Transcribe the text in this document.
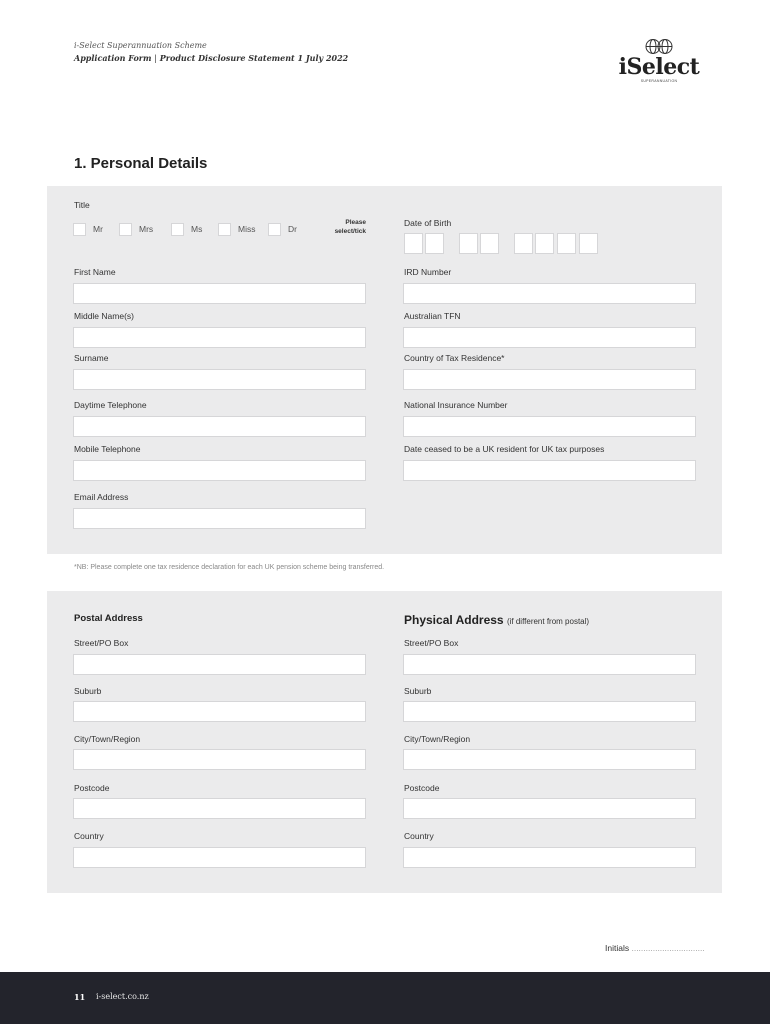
i-Select Superannuation Scheme
Application Form | Product Disclosure Statement 1 July 2022	iSelect
SUPERANNUATION
1. Personal Details
Title
Mr	Mrs	Ms	Miss	Dr
Please
select/tick
Date of Birth
First Name
Middle Name(s)
Surname
Daytime Telephone
Mobile Telephone
Email Address
IRD Number
Australian TFN
Country of Tax Residence*
National Insurance Number
Date ceased to be a UK resident for UK tax purposes
*NB: Please complete one tax residence declaration for each UK pension scheme being transferred.
Postal Address	Physical Address (if different from postal)
Street/PO Box
Suburb
City/Town/Region
Postcode
Country
Street/PO Box
Suburb
City/Town/Region
Postcode
Country
Initials ...............................
11 i-select.co.nz
